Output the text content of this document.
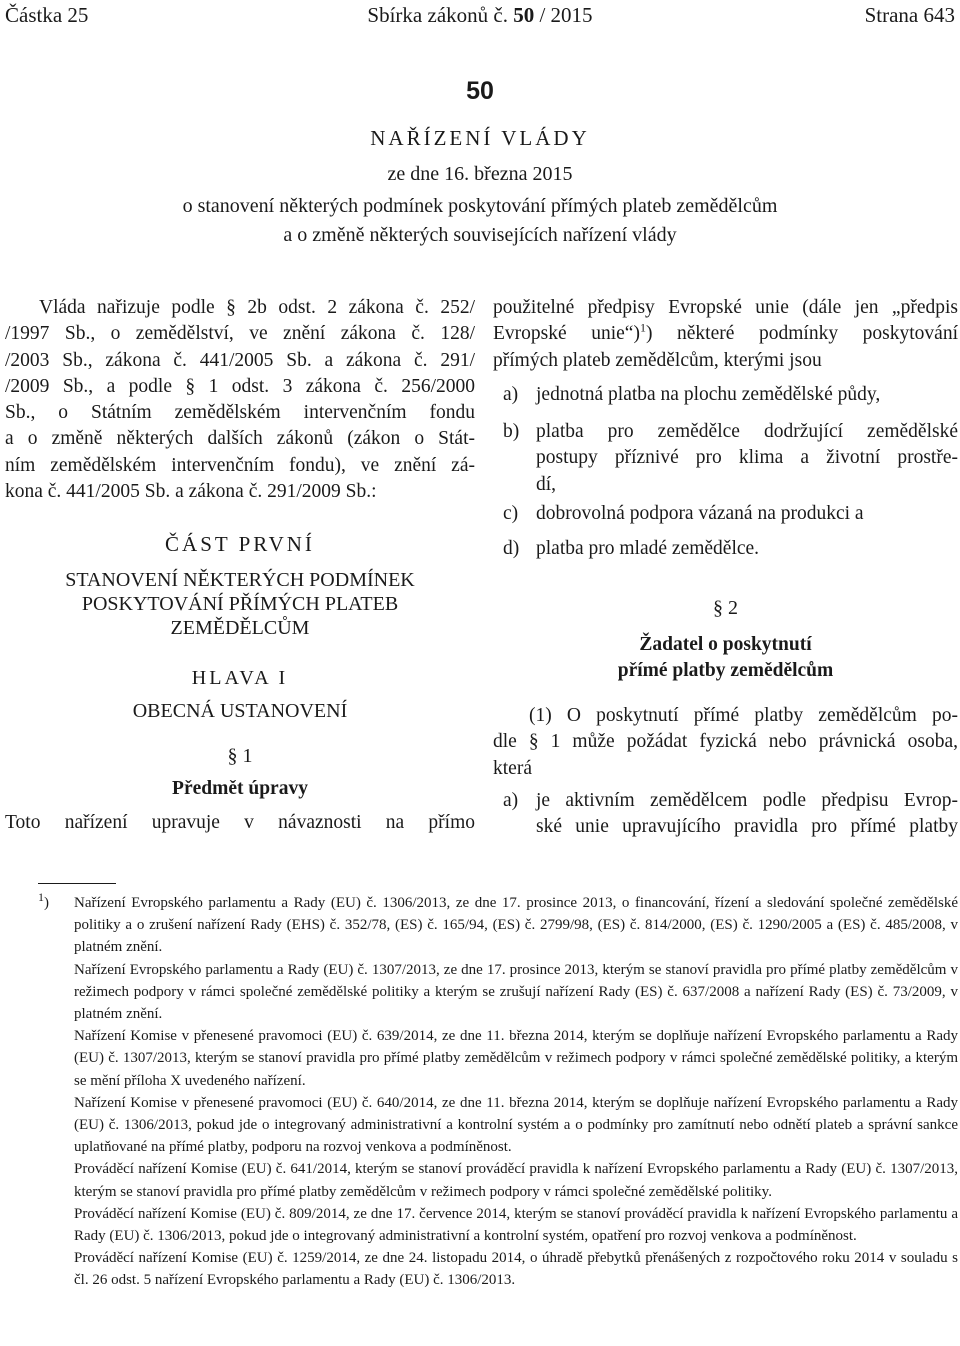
Částka 25	Sbírka zákonů č. 50 / 2015	Strana 643
50
NAŘÍZENÍ VLÁDY
ze dne 16. března 2015
o stanovení některých podmínek poskytování přímých plateb zemědělcům
a o změně některých souvisejících nařízení vlády
Vláda nařizuje podle § 2b odst. 2 zákona č. 252/
/1997 Sb., o zemědělství, ve znění zákona č. 128/
/2003 Sb., zákona č. 441/2005 Sb. a zákona č. 291/
/2009 Sb., a podle § 1 odst. 3 zákona č. 256/2000
Sb., o Státním zemědělském intervenčním fondu
a o změně některých dalších zákonů (zákon o Stát-
ním zemědělském intervenčním fondu), ve znění zá-
kona č. 441/2005 Sb. a zákona č. 291/2009 Sb.:
ČÁST PRVNÍ
STANOVENÍ NĚKTERÝCH PODMÍNEK
POSKYTOVÁNÍ PŘÍMÝCH PLATEB
ZEMĚDĚLCŮM
HLAVA I
OBECNÁ USTANOVENÍ
§ 1
Předmět úpravy
Toto nařízení upravuje v návaznosti na přímo
použitelné předpisy Evropské unie (dále jen „předpis
Evropské unie“)$^1$) některé podmínky poskytování
přímých plateb zemědělcům, kterými jsou
a) jednotná platba na plochu zemědělské půdy,
b) platba pro zemědělce dodržující zemědělské
postupy příznivé pro klima a životní prostře-
dí,
c) dobrovolná podpora vázaná na produkci a
d) platba pro mladé zemědělce.
§ 2
Žadatel o poskytnutí
přímé platby zemědělcům
(1) O poskytnutí přímé platby zemědělcům po-
dle § 1 může požádat fyzická nebo právnická osoba,
která
a) je aktivním zemědělcem podle předpisu Evrop-
ské unie upravujícího pravidla pro přímé platby
$^1$) Nařízení Evropského parlamentu a Rady (EU) č. 1306/2013, ze dne 17. prosince 2013, o financování, řízení a sledování společné zemědělské politiky a o zrušení nařízení Rady (EHS) č. 352/78, (ES) č. 165/94, (ES) č. 2799/98, (ES) č. 814/2000, (ES) č. 1290/2005 a (ES) č. 485/2008, v platném znění.
Nařízení Evropského parlamentu a Rady (EU) č. 1307/2013, ze dne 17. prosince 2013, kterým se stanoví pravidla pro přímé platby zemědělcům v režimech podpory v rámci společné zemědělské politiky a kterým se zrušují nařízení Rady (ES) č. 637/2008 a nařízení Rady (ES) č. 73/2009, v platném znění.
Nařízení Komise v přenesené pravomoci (EU) č. 639/2014, ze dne 11. března 2014, kterým se doplňuje nařízení Evropského parlamentu a Rady (EU) č. 1307/2013, kterým se stanoví pravidla pro přímé platby zemědělcům v režimech podpory v rámci společné zemědělské politiky, a kterým se mění příloha X uvedeného nařízení.
Nařízení Komise v přenesené pravomoci (EU) č. 640/2014, ze dne 11. března 2014, kterým se doplňuje nařízení Evropského parlamentu a Rady (EU) č. 1306/2013, pokud jde o integrovaný administrativní a kontrolní systém a o podmínky pro zamítnutí nebo odnětí plateb a správní sankce uplatňované na přímé platby, podporu na rozvoj venkova a podmíněnost.
Prováděcí nařízení Komise (EU) č. 641/2014, kterým se stanoví prováděcí pravidla k nařízení Evropského parlamentu a Rady (EU) č. 1307/2013, kterým se stanoví pravidla pro přímé platby zemědělcům v režimech podpory v rámci společné zemědělské politiky.
Prováděcí nařízení Komise (EU) č. 809/2014, ze dne 17. července 2014, kterým se stanoví prováděcí pravidla k nařízení Evropského parlamentu a Rady (EU) č. 1306/2013, pokud jde o integrovaný administrativní a kontrolní systém, opatření pro rozvoj venkova a podmíněnost.
Prováděcí nařízení Komise (EU) č. 1259/2014, ze dne 24. listopadu 2014, o úhradě přebytků přenášených z rozpočtového roku 2014 v souladu s čl. 26 odst. 5 nařízení Evropského parlamentu a Rady (EU) č. 1306/2013.
